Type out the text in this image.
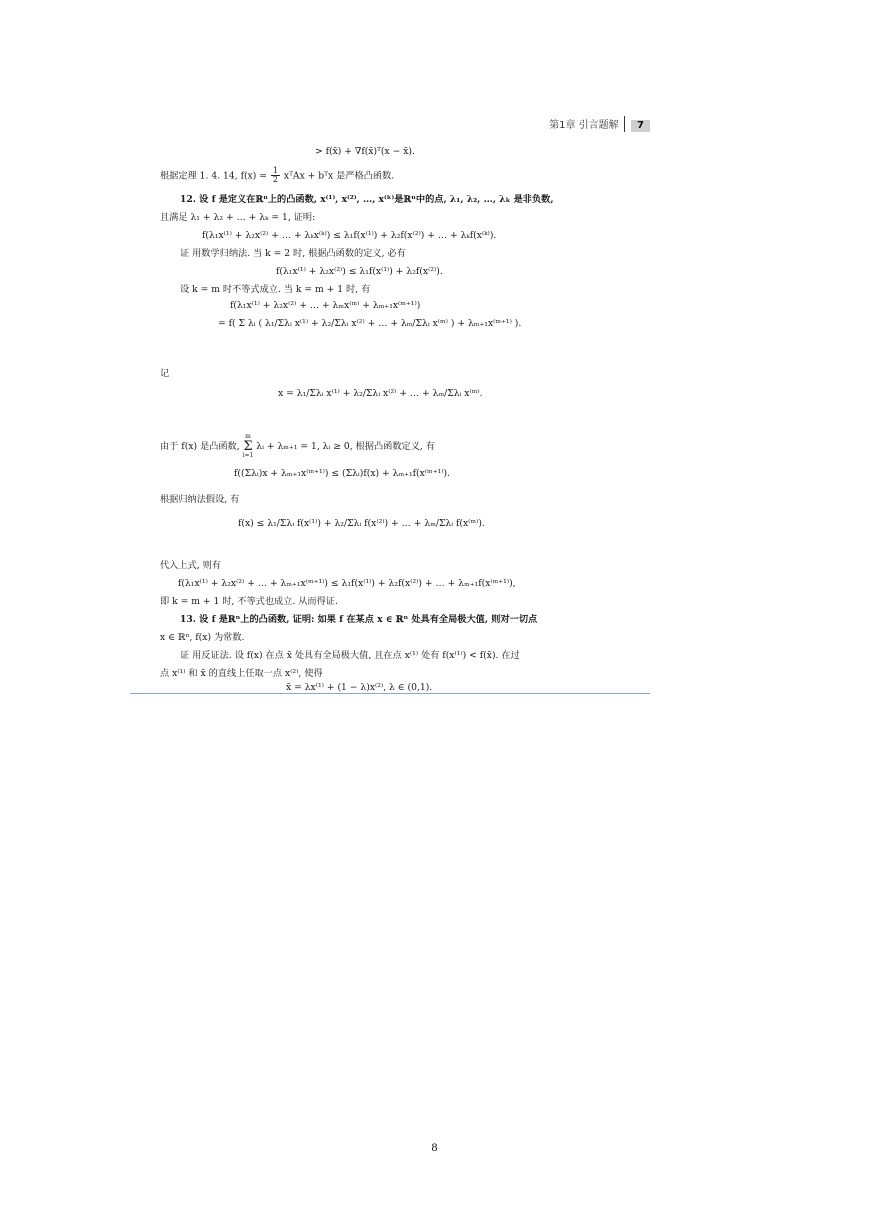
第1章 引言题解 7
> f(x̄) + ∇f(x̄)ᵀ(x − x̄).
根据定理 1. 4. 14, $f(x) = \frac{1}{2}$ xᵀAx + bᵀx 是严格凸函数.
12. 设 f 是定义在ℝⁿ上的凸函数, x⁽¹⁾, x⁽²⁾, …, x⁽ᵏ⁾是ℝⁿ中的点, λ₁, λ₂, …, λₖ 是非负数,
且满足 λ₁ + λ₂ + … + λₖ = 1, 证明:
f(λ₁x⁽¹⁾ + λ₂x⁽²⁾ + … + λₖx⁽ᵏ⁾) ≤ λ₁f(x⁽¹⁾) + λ₂f(x⁽²⁾) + … + λₖf(x⁽ᵏ⁾).
证 用数学归纳法. 当 k = 2 时, 根据凸函数的定义, 必有
f(λ₁x⁽¹⁾ + λ₂x⁽²⁾) ≤ λ₁f(x⁽¹⁾) + λ₂f(x⁽²⁾).
设 k = m 时不等式成立. 当 k = m + 1 时, 有
f(λ₁x⁽¹⁾ + λ₂x⁽²⁾ + … + λₘx⁽ᵐ⁾ + λₘ₊₁x⁽ᵐ⁺¹⁾)
= f( Σ λᵢ ( λ₁/Σλᵢ x⁽¹⁾ + λ₂/Σλᵢ x⁽²⁾ + … + λₘ/Σλᵢ x⁽ᵐ⁾ ) + λₘ₊₁x⁽ᵐ⁺¹⁾ ).
记
x = λ₁/Σλᵢ x⁽¹⁾ + λ₂/Σλᵢ x⁽²⁾ + … + λₘ/Σλᵢ x⁽ᵐ⁾.
由于 f(x) 是凸函数, m
Σ
i=1 λᵢ + λₘ₊₁ = 1, λᵢ ≥ 0, 根据凸函数定义, 有
f((Σλᵢ)x + λₘ₊₁x⁽ᵐ⁺¹⁾) ≤ (Σλᵢ)f(x) + λₘ₊₁f(x⁽ᵐ⁺¹⁾).
根据归纳法假设, 有
f(x) ≤ λ₁/Σλᵢ f(x⁽¹⁾) + λ₂/Σλᵢ f(x⁽²⁾) + … + λₘ/Σλᵢ f(x⁽ᵐ⁾).
代入上式, 则有
f(λ₁x⁽¹⁾ + λ₂x⁽²⁾ + … + λₘ₊₁x⁽ᵐ⁺¹⁾) ≤ λ₁f(x⁽¹⁾) + λ₂f(x⁽²⁾) + … + λₘ₊₁f(x⁽ᵐ⁺¹⁾),
即 k = m + 1 时, 不等式也成立. 从而得证.
13. 设 f 是ℝⁿ上的凸函数, 证明: 如果 f 在某点 x ∈ ℝⁿ 处具有全局极大值, 则对一切点
x ∈ ℝⁿ, f(x) 为常数.
证 用反证法. 设 f(x) 在点 x̄ 处具有全局极大值, 且在点 x⁽¹⁾ 处有 f(x⁽¹⁾) < f(x̄). 在过
点 x⁽¹⁾ 和 x̄ 的直线上任取一点 x⁽²⁾, 使得
x̄ = λx⁽¹⁾ + (1 − λ)x⁽²⁾, λ ∈ (0,1).
8
